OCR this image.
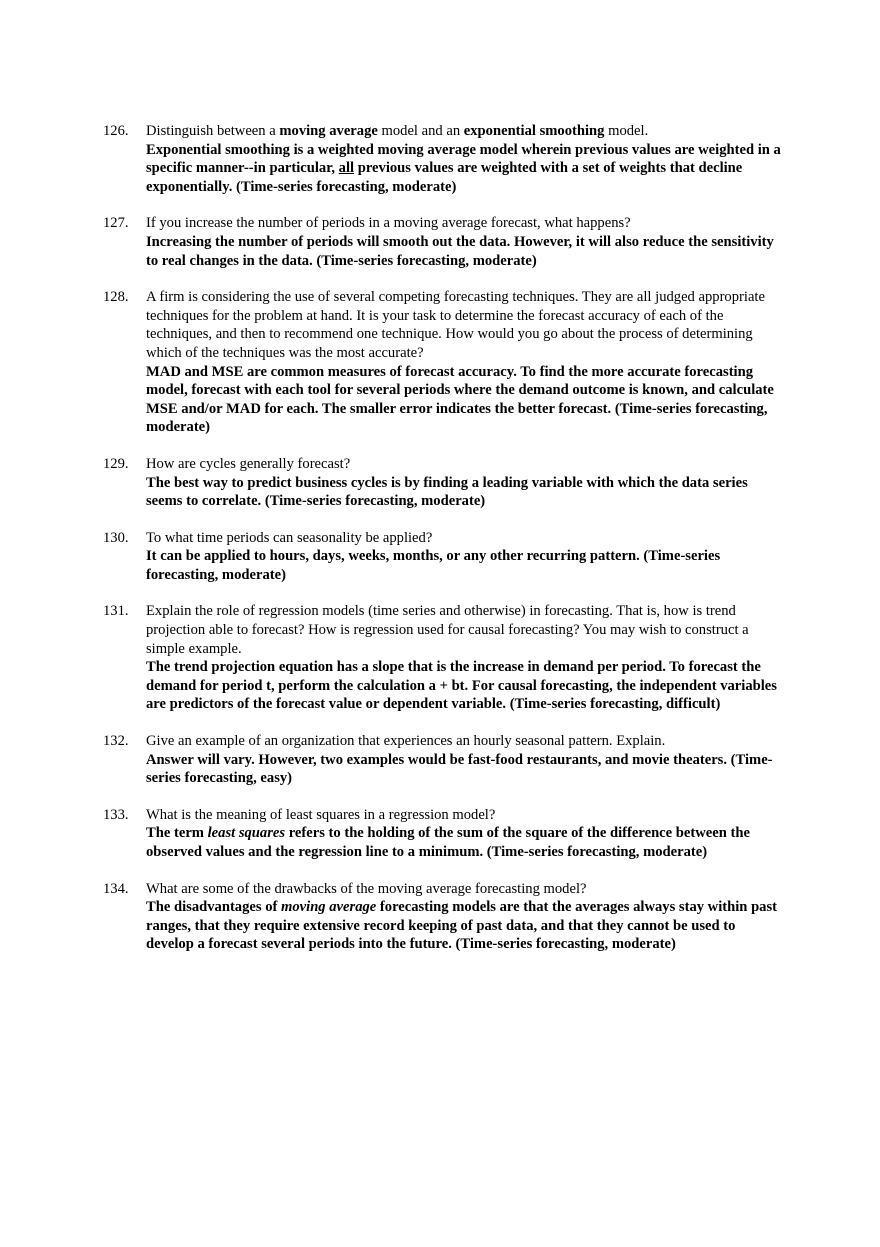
126. Distinguish between a moving average model and an exponential smoothing model.
Exponential smoothing is a weighted moving average model wherein previous values are weighted in a specific manner--in particular, all previous values are weighted with a set of weights that decline exponentially. (Time-series forecasting, moderate)
127. If you increase the number of periods in a moving average forecast, what happens?
Increasing the number of periods will smooth out the data. However, it will also reduce the sensitivity to real changes in the data. (Time-series forecasting, moderate)
128. A firm is considering the use of several competing forecasting techniques. They are all judged appropriate techniques for the problem at hand. It is your task to determine the forecast accuracy of each of the techniques, and then to recommend one technique. How would you go about the process of determining which of the techniques was the most accurate?
MAD and MSE are common measures of forecast accuracy. To find the more accurate forecasting model, forecast with each tool for several periods where the demand outcome is known, and calculate MSE and/or MAD for each. The smaller error indicates the better forecast. (Time-series forecasting, moderate)
129. How are cycles generally forecast?
The best way to predict business cycles is by finding a leading variable with which the data series seems to correlate. (Time-series forecasting, moderate)
130. To what time periods can seasonality be applied?
It can be applied to hours, days, weeks, months, or any other recurring pattern. (Time-series forecasting, moderate)
131. Explain the role of regression models (time series and otherwise) in forecasting. That is, how is trend projection able to forecast? How is regression used for causal forecasting? You may wish to construct a simple example.
The trend projection equation has a slope that is the increase in demand per period. To forecast the demand for period t, perform the calculation a + bt. For causal forecasting, the independent variables are predictors of the forecast value or dependent variable. (Time-series forecasting, difficult)
132. Give an example of an organization that experiences an hourly seasonal pattern. Explain.
Answer will vary. However, two examples would be fast-food restaurants, and movie theaters. (Time-series forecasting, easy)
133. What is the meaning of least squares in a regression model?
The term least squares refers to the holding of the sum of the square of the difference between the observed values and the regression line to a minimum. (Time-series forecasting, moderate)
134. What are some of the drawbacks of the moving average forecasting model?
The disadvantages of moving average forecasting models are that the averages always stay within past ranges, that they require extensive record keeping of past data, and that they cannot be used to develop a forecast several periods into the future. (Time-series forecasting, moderate)
